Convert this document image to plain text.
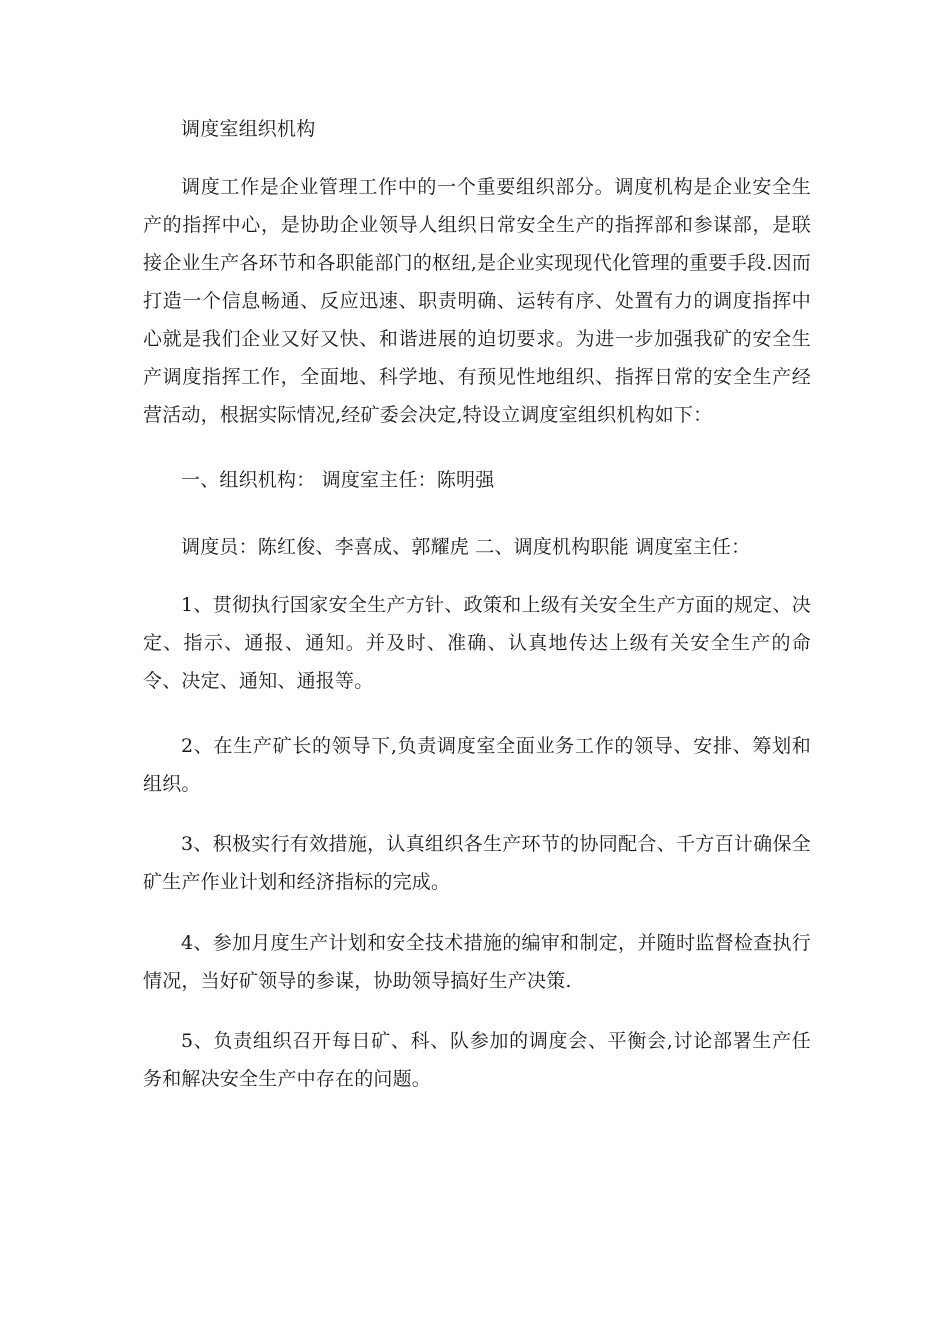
调度室组织机构

调度工作是企业管理工作中的一个重要组织部分。调度机构是企业安全生产的指挥中心，是协助企业领导人组织日常安全生产的指挥部和参谋部，是联接企业生产各环节和各职能部门的枢纽,是企业实现现代化管理的重要手段.因而打造一个信息畅通、反应迅速、职责明确、运转有序、处置有力的调度指挥中心就是我们企业又好又快、和谐进展的迫切要求。为进一步加强我矿的安全生产调度指挥工作，全面地、科学地、有预见性地组织、指挥日常的安全生产经营活动，根据实际情况,经矿委会决定,特设立调度室组织机构如下：

一、组织机构： 调度室主任：陈明强

调度员：陈红俊、李喜成、郭耀虎 二、调度机构职能 调度室主任：

1、贯彻执行国家安全生产方针、政策和上级有关安全生产方面的规定、决定、指示、通报、通知。并及时、准确、认真地传达上级有关安全生产的命令、决定、通知、通报等。

2、在生产矿长的领导下,负责调度室全面业务工作的领导、安排、筹划和组织。

3、积极实行有效措施，认真组织各生产环节的协同配合、千方百计确保全矿生产作业计划和经济指标的完成。

4、参加月度生产计划和安全技术措施的编审和制定，并随时监督检查执行情况，当好矿领导的参谋，协助领导搞好生产决策.

5、负责组织召开每日矿、科、队参加的调度会、平衡会,讨论部署生产任务和解决安全生产中存在的问题。
